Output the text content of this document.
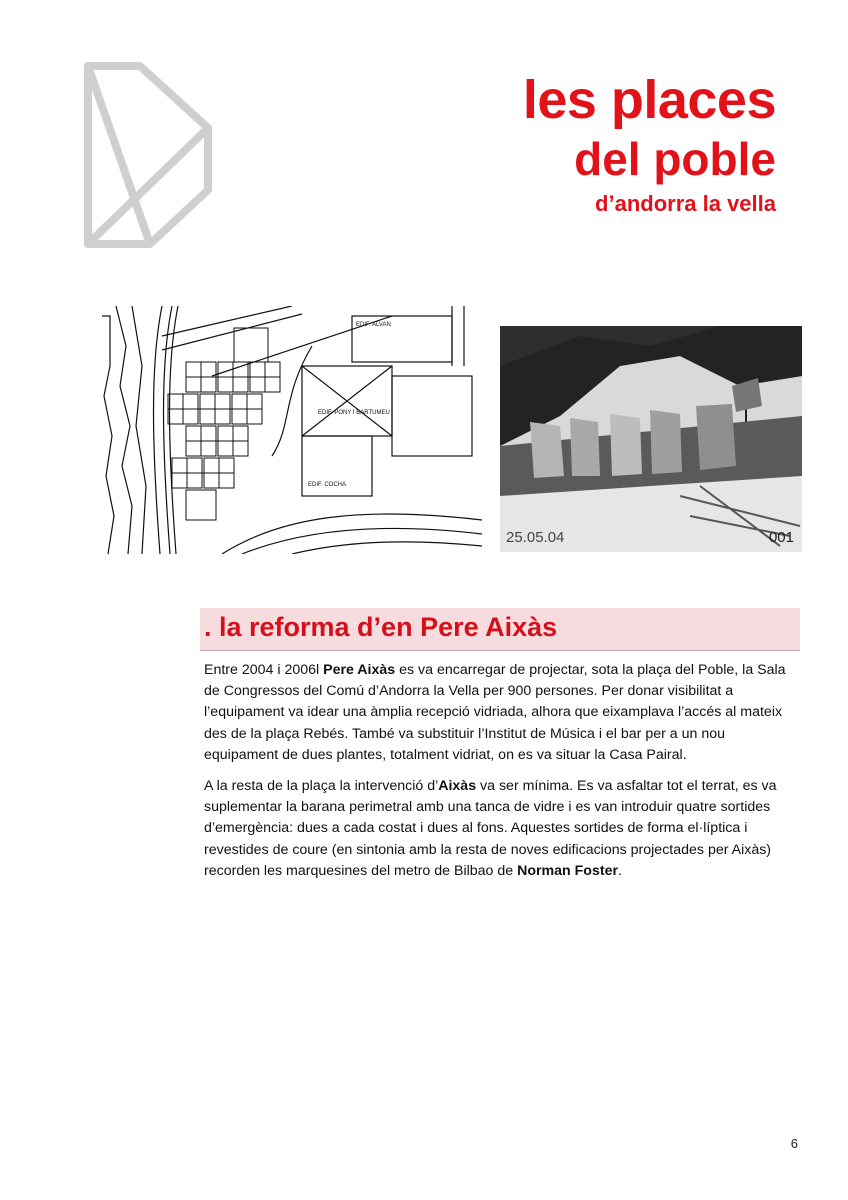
les places
del poble
d’andorra la vella
EDIF. ALVAN
EDIF. PONY I BARTUMEU
EDIF. COCHA
25.05.04	001
. la reforma d’en Pere Aixàs

Entre 2004 i 2006l Pere Aixàs es va encarregar de projectar, sota la plaça del Poble, la Sala de Congressos del Comú d’Andorra la Vella per 900 persones. Per donar visibilitat a l’equipament va idear una àmplia recepció vidriada, alhora que eixamplava l’accés al mateix des de la plaça Rebés. També va substituir l’Institut de Música i el bar per a un nou equipament de dues plantes, totalment vidriat, on es va situar la Casa Pairal.

A la resta de la plaça la intervenció d’Aixàs va ser mínima. Es va asfaltar tot el terrat, es va suplementar la barana perimetral amb una tanca de vidre i es van introduir quatre sortides d’emergència: dues a cada costat i dues al fons. Aquestes sortides de forma el·líptica i revestides de coure (en sintonia amb la resta de noves edificacions projectades per Aixàs) recorden les marquesines del metro de Bilbao de Norman Foster.

6
